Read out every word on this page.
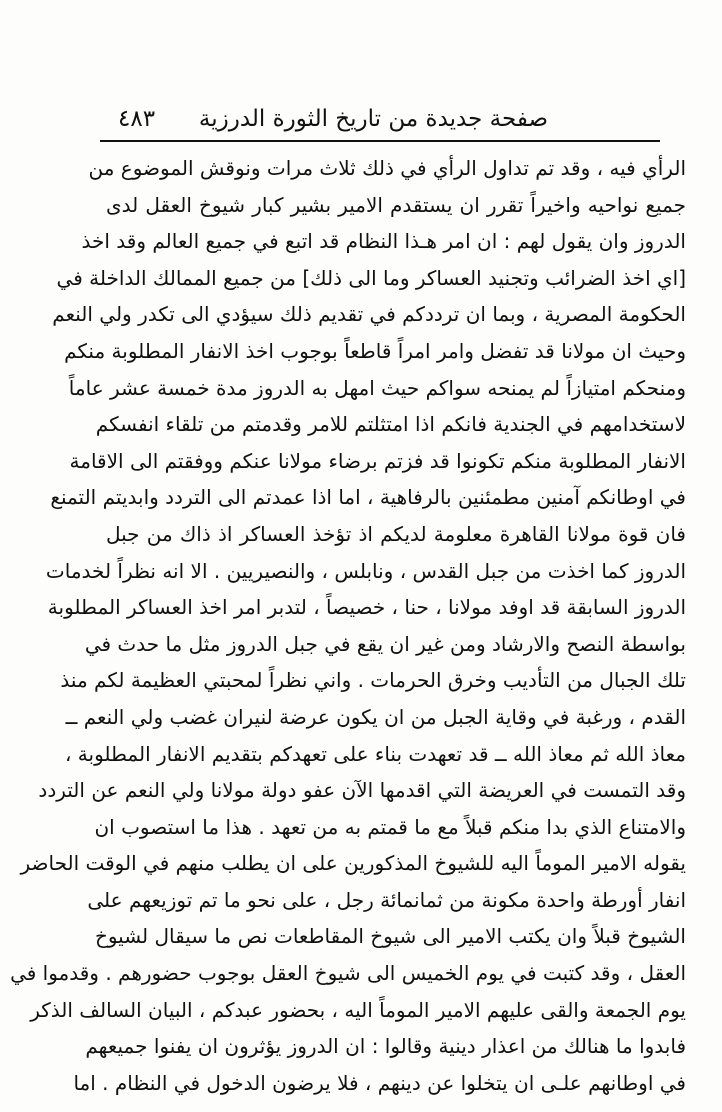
صفحة جديدة من تاريخ الثورة الدرزية
٤٨٣
الرأي فيه ، وقد تم تداول الرأي في ذلك ثلاث مرات ونوقش الموضوع من
جميع نواحيه واخيراً تقرر ان يستقدم الامير بشير كبار شيوخ العقل لدى
الدروز وان يقول لهم : ان امر هـذا النظام قد اتبع في جميع العالم وقد اخذ
[اي اخذ الضرائب وتجنيد العساكر وما الى ذلك] من جميع الممالك الداخلة في
الحكومة المصرية ، وبما ان ترددكم في تقديم ذلك سيؤدي الى تكدر ولي النعم
وحيث ان مولانا قد تفضل وامر امراً قاطعاً بوجوب اخذ الانفار المطلوبة منكم
ومنحكم امتيازاً لم يمنحه سواكم حيث امهل به الدروز مدة خمسة عشر عاماً
لاستخدامهم في الجندية فانكم اذا امتثلتم للامر وقدمتم من تلقاء انفسكم
الانفار المطلوبة منكم تكونوا قد فزتم برضاء مولانا عنكم ووفقتم الى الاقامة
في اوطانكم آمنين مطمئنين بالرفاهية ، اما اذا عمدتم الى التردد وابديتم التمنع
فان قوة مولانا القاهرة معلومة لديكم اذ تؤخذ العساكر اذ ذاك من جبل
الدروز كما اخذت من جبل القدس ، ونابلس ، والنصيريين . الا انه نظراً لخدمات
الدروز السابقة قد اوفد مولانا ، حنا ، خصيصاً ، لتدبر امر اخذ العساكر المطلوبة
بواسطة النصح والارشاد ومن غير ان يقع في جبل الدروز مثل ما حدث في
تلك الجبال من التأديب وخرق الحرمات . واني نظراً لمحبتي العظيمة لكم منذ
القدم ، ورغبة في وقاية الجبل من ان يكون عرضة لنيران غضب ولي النعم ــ
معاذ الله ثم معاذ الله ــ قد تعهدت بناء على تعهدكم بتقديم الانفار المطلوبة ،
وقد التمست في العريضة التي اقدمها الآن عفو دولة مولانا ولي النعم عن التردد
والامتناع الذي بدا منكم قبلاً مع ما قمتم به من تعهد . هذا ما استصوب ان
يقوله الامير الموماً اليه للشيوخ المذكورين على ان يطلب منهم في الوقت الحاضر
انفار أورطة واحدة مكونة من ثمانمائة رجل ، على نحو ما تم توزيعهم على
الشيوخ قبلاً وان يكتب الامير الى شيوخ المقاطعات نص ما سيقال لشيوخ
العقل ، وقد كتبت في يوم الخميس الى شيوخ العقل بوجوب حضورهم . وقدموا في
يوم الجمعة والقى عليهم الامير الموماً اليه ، بحضور عبدكم ، البيان السالف الذكر
فابدوا ما هنالك من اعذار دينية وقالوا : ان الدروز يؤثرون ان يفنوا جميعهم
في اوطانهم علـى ان يتخلوا عن دينهم ، فلا يرضون الدخول في النظام . اما
